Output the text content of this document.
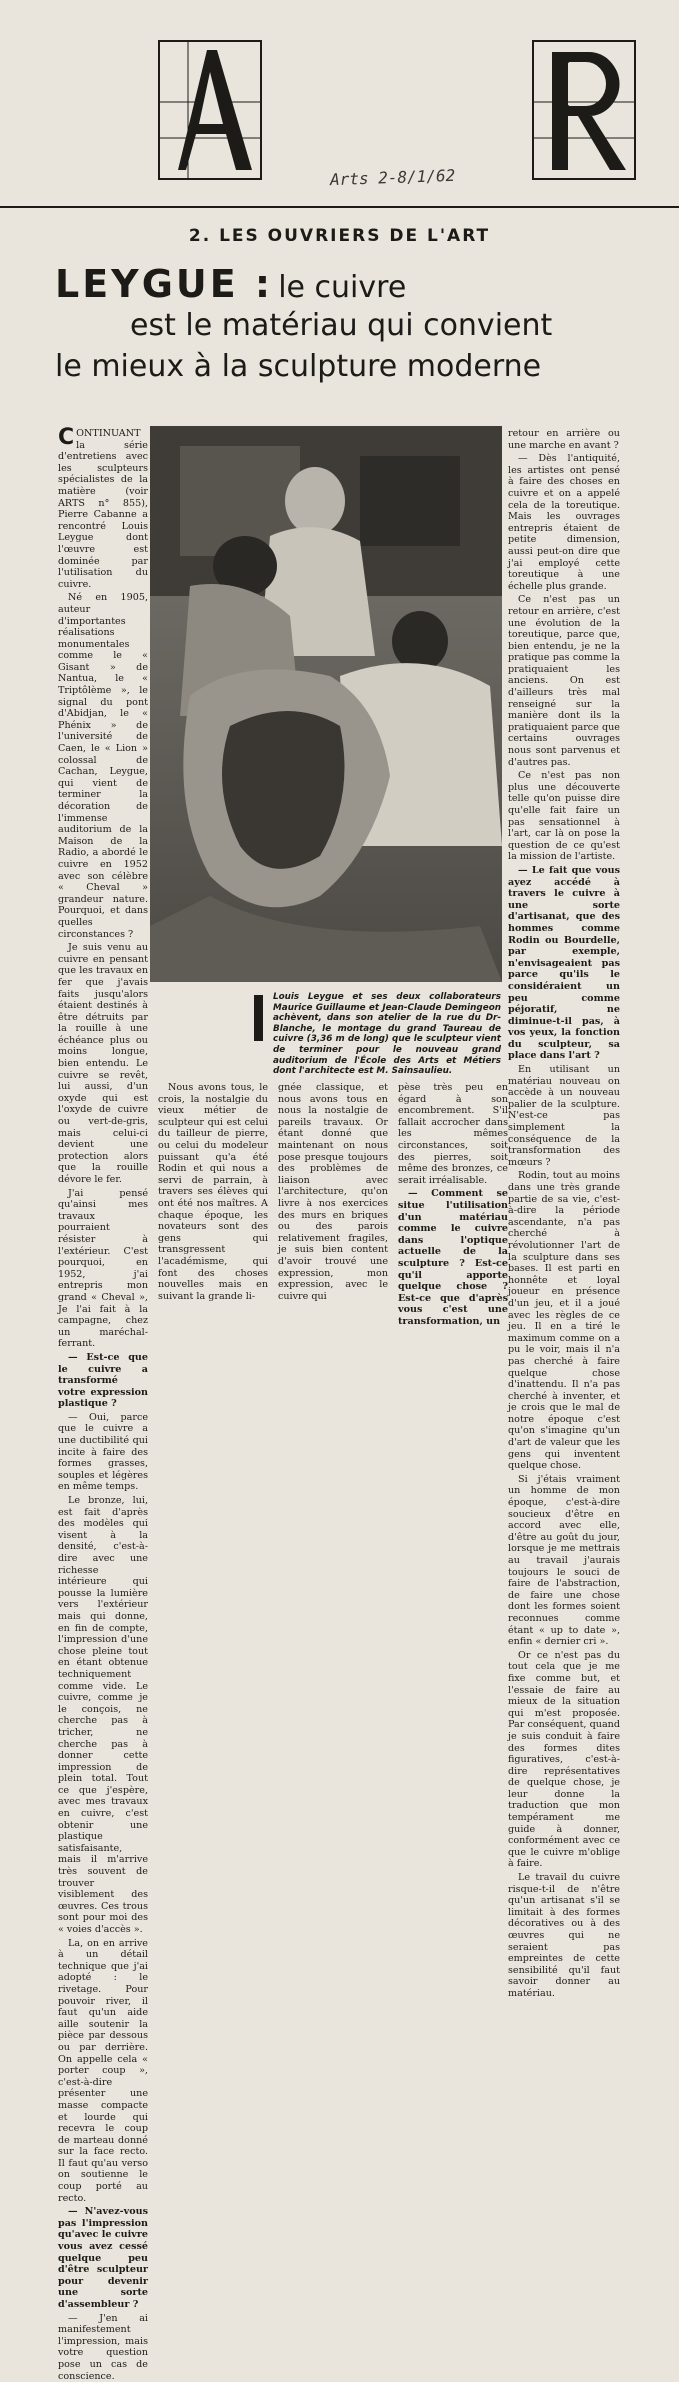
Arts 2-8/1/62
2. LES OUVRIERS DE L'ART
LEYGUE : le cuivre
est le matériau qui convient
le mieux à la sculpture moderne

CONTINUANT la série d'entretiens avec les sculpteurs spécialistes de la matière (voir ARTS n° 855), Pierre Cabanne a rencontré Louis Leygue dont l'œuvre est dominée par l'utilisation du cuivre.

Né en 1905, auteur d'importantes réalisations monumentales comme le « Gisant » de Nantua, le « Triptôlème », le signal du pont d'Abidjan, le « Phénix » de l'université de Caen, le « Lion » colossal de Cachan, Leygue, qui vient de terminer la décoration de l'immense auditorium de la Maison de la Radio, a abordé le cuivre en 1952 avec son célèbre « Cheval » grandeur nature. Pourquoi, et dans quelles circonstances ?

Je suis venu au cuivre en pensant que les travaux en fer que j'avais faits jusqu'alors étaient destinés à être détruits par la rouille à une échéance plus ou moins longue, bien entendu. Le cuivre se revêt, lui aussi, d'un oxyde qui est l'oxyde de cuivre ou vert-de-gris, mais celui-ci devient une protection alors que la rouille dévore le fer.

J'ai pensé qu'ainsi mes travaux pourraient résister à l'extérieur. C'est pourquoi, en 1952, j'ai entrepris mon grand « Cheval », Je l'ai fait à la campagne, chez un maréchal-ferrant.

— Est-ce que le cuivre a transformé votre expression plastique ?

— Oui, parce que le cuivre a une ductibilité qui incite à faire des formes grasses, souples et légères en même temps.

Le bronze, lui, est fait d'après des modèles qui visent à la densité, c'est-à-dire avec une richesse intérieure qui pousse la lumière vers l'extérieur mais qui donne, en fin de compte, l'impression d'une chose pleine tout en étant obtenue techniquement comme vide. Le cuivre, comme je le conçois, ne cherche pas à tricher, ne cherche pas à donner cette impression de plein total. Tout ce que j'espère, avec mes travaux en cuivre, c'est obtenir une plastique satisfaisante, mais il m'arrive très souvent de trouver visiblement des œuvres. Ces trous sont pour moi des « voies d'accès ».

La, on en arrive à un détail technique que j'ai adopté : le rivetage. Pour pouvoir river, il faut qu'un aide aille soutenir la pièce par dessous ou par derrière. On appelle cela « porter coup », c'est-à-dire présenter une masse compacte et lourde qui recevra le coup de marteau donné sur la face recto. Il faut qu'au verso on soutienne le coup porté au recto.

— N'avez-vous pas l'impression qu'avec le cuivre vous avez cessé quelque peu d'être sculpteur pour devenir une sorte d'assembleur ?

— J'en ai manifestement l'impression, mais votre question pose un cas de conscience.

Louis Leygue et ses deux collaborateurs Maurice Guillaume et Jean-Claude Demingeon achèvent, dans son atelier de la rue du Dr-Blanche, le montage du grand Taureau de cuivre (3,36 m de long) que le sculpteur vient de terminer pour le nouveau grand auditorium de l'École des Arts et Métiers dont l'architecte est M. Sainsaulieu.

retour en arrière ou une marche en avant ?

— Dès l'antiquité, les artistes ont pensé à faire des choses en cuivre et on a appelé cela de la toreutique. Mais les ouvrages entrepris étaient de petite dimension, aussi peut-on dire que j'ai employé cette toreutique à une échelle plus grande.

Ce n'est pas un retour en arrière, c'est une évolution de la toreutique, parce que, bien entendu, je ne la pratique pas comme la pratiquaient les anciens. On est d'ailleurs très mal renseigné sur la manière dont ils la pratiquaient parce que certains ouvrages nous sont parvenus et d'autres pas.

Ce n'est pas non plus une découverte telle qu'on puisse dire qu'elle fait faire un pas sensationnel à l'art, car là on pose la question de ce qu'est la mission de l'artiste.

— Le fait que vous ayez accédé à travers le cuivre à une sorte d'artisanat, que des hommes comme Rodin ou Bourdelle, par exemple, n'envisageaient pas parce qu'ils le considéraient un peu comme péjoratif, ne diminue-t-il pas, à vos yeux, la fonction du sculpteur, sa place dans l'art ?

En utilisant un matériau nouveau on accède à un nouveau palier de la sculpture. N'est-ce pas simplement la conséquence de la transformation des mœurs ?

Rodin, tout au moins dans une très grande partie de sa vie, c'est-à-dire la période ascendante, n'a pas cherché à révolutionner l'art de la sculpture dans ses bases. Il est parti en honnête et loyal joueur en présence d'un jeu, et il a joué avec les règles de ce jeu. Il en a tiré le maximum comme on a pu le voir, mais il n'a pas cherché à faire quelque chose d'inattendu. Il n'a pas cherché à inventer, et je crois que le mal de notre époque c'est qu'on s'imagine qu'un d'art de valeur que les gens qui inventent quelque chose.

Si j'étais vraiment un homme de mon époque, c'est-à-dire soucieux d'être en accord avec elle, d'être au goût du jour, lorsque je me mettrais au travail j'aurais toujours le souci de faire de l'abstraction, de faire une chose dont les formes soient reconnues comme étant « up to date », enfin « dernier cri ».

Or ce n'est pas du tout cela que je me fixe comme but, et l'essaie de faire au mieux de la situation qui m'est proposée. Par conséquent, quand je suis conduit à faire des formes dites figuratives, c'est-à-dire représentatives de quelque chose, je leur donne la traduction que mon tempérament me guide à donner, conformément avec ce que le cuivre m'oblige à faire.

Le travail du cuivre risque-t-il de n'être qu'un artisanat s'il se limitait à des formes décoratives ou à des œuvres qui ne seraient pas empreintes de cette sensibilité qu'il faut savoir donner au matériau.

Nous avons tous, le crois, la nostalgie du vieux métier de sculpteur qui est celui du tailleur de pierre, ou celui du modeleur puissant qu'a été Rodin et qui nous a servi de parrain, à travers ses élèves qui ont été nos maîtres. A chaque époque, les novateurs sont des gens qui transgressent l'académisme, qui font des choses nouvelles mais en suivant la grande li-

gnée classique, et nous avons tous en nous la nostalgie de pareils travaux. Or étant donné que maintenant on nous pose presque toujours des problèmes de liaison avec l'architecture, qu'on livre à nos exercices des murs en briques ou des parois relativement fragiles, je suis bien content d'avoir trouvé une expression, mon expression, avec le cuivre qui

pèse très peu en égard à son encombrement. S'il fallait accrocher dans les mêmes circonstances, soit des pierres, soit même des bronzes, ce serait irréalisable.

— Comment se situe l'utilisation d'un matériau comme le cuivre dans l'optique actuelle de la sculpture ? Est-ce qu'il apporte quelque chose ? Est-ce que d'après vous c'est une transformation, un
